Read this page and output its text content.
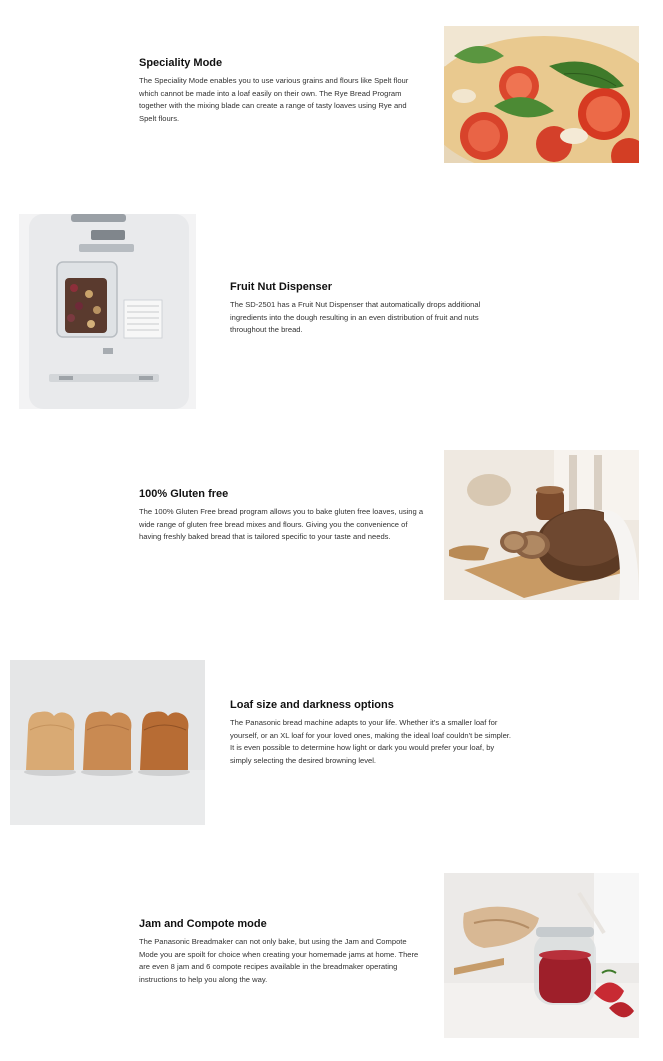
Speciality Mode

The Speciality Mode enables you to use various grains and flours like Spelt flour which cannot be made into a loaf easily on their own. The Rye Bread Program together with the mixing blade can create a range of tasty loaves using Rye and Spelt flours.

Fruit Nut Dispenser

The SD-2501 has a Fruit Nut Dispenser that automatically drops additional ingredients into the dough resulting in an even distribution of fruit and nuts throughout the bread.

100% Gluten free

The 100% Gluten Free bread program allows you to bake gluten free loaves, using a wide range of gluten free bread mixes and flours. Giving you the convenience of having freshly baked bread that is tailored specific to your taste and needs.

Loaf size and darkness options

The Panasonic bread machine adapts to your life. Whether it's a smaller loaf for yourself, or an XL loaf for your loved ones, making the ideal loaf couldn't be simpler. It is even possible to determine how light or dark you would prefer your loaf, by simply selecting the desired browning level.

Jam and Compote mode

The Panasonic Breadmaker can not only bake, but using the Jam and Compote Mode you are spoilt for choice when creating your homemade jams at home. There are even 8 jam and 6 compote recipes available in the breadmaker operating instructions to help you along the way.
